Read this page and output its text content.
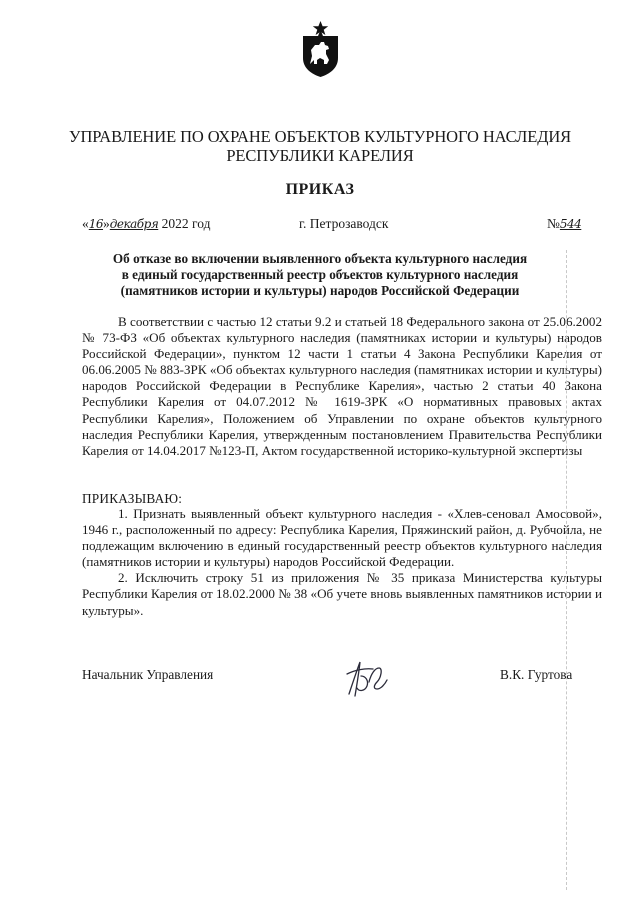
УПРАВЛЕНИЕ ПО ОХРАНЕ ОБЪЕКТОВ КУЛЬТУРНОГО НАСЛЕДИЯ
РЕСПУБЛИКИ КАРЕЛИЯ
ПРИКАЗ
«16»декабря 2022 год	г. Петрозаводск	№544
Об отказе во включении выявленного объекта культурного наследия
в единый государственный реестр объектов культурного наследия
(памятников истории и культуры) народов Российской Федерации

В соответствии с частью 12 статьи 9.2 и статьей 18 Федерального закона от 25.06.2002 № 73-ФЗ «Об объектах культурного наследия (памятниках истории и культуры) народов Российской Федерации», пунктом 12 части 1 статьи 4 Закона Республики Карелия от 06.06.2005 № 883-ЗРК «Об объектах культурного наследия (памятниках истории и культуры) народов Российской Федерации в Республике Карелия», частью 2 статьи 40 Закона Республики Карелия от 04.07.2012 № 1619-ЗРК «О нормативных правовых актах Республики Карелия», Положением об Управлении по охране объектов культурного наследия Республики Карелия, утвержденным постановлением Правительства Республики Карелия от 14.04.2017 №123-П, Актом государственной историко-культурной экспертизы

ПРИКАЗЫВАЮ:

1. Признать выявленный объект культурного наследия - «Хлев-сеновал Амосовой», 1946 г., расположенный по адресу: Республика Карелия, Пряжинский район, д. Рубчойла, не подлежащим включению в единый государственный реестр объектов культурного наследия (памятников истории и культуры) народов Российской Федерации.

2. Исключить строку 51 из приложения № 35 приказа Министерства культуры Республики Карелия от 18.02.2000 № 38 «Об учете вновь выявленных памятников истории и культуры».

Начальник Управления	В.К. Гуртова
